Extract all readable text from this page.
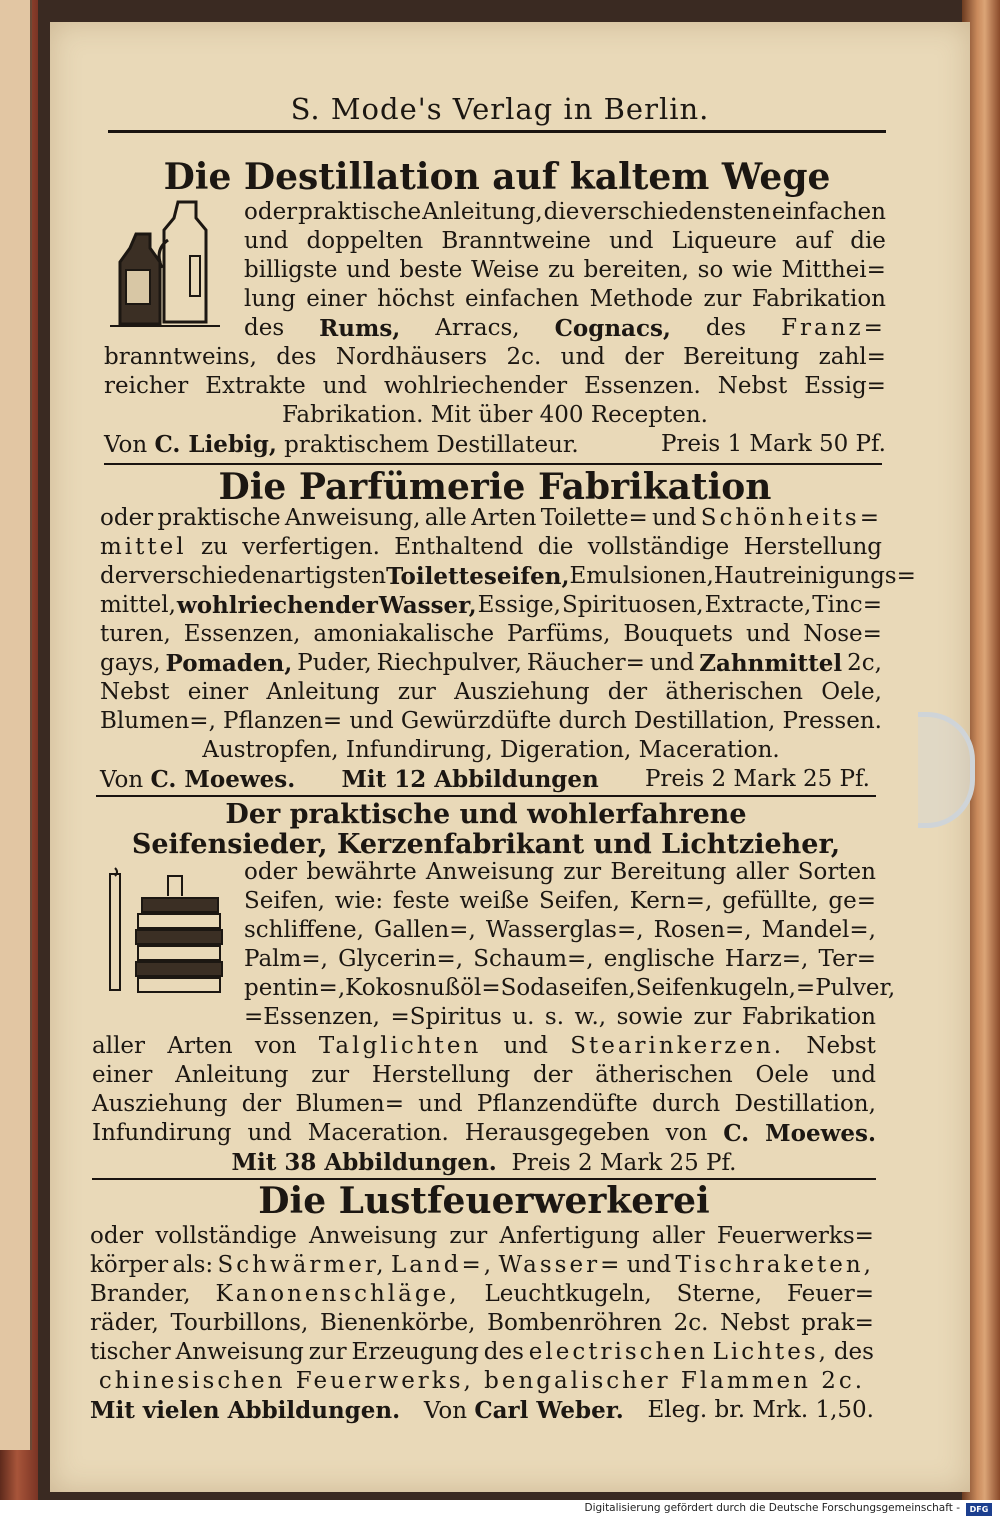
S. Mode's Verlag in Berlin.
Die Destillation auf kaltem Wege
oder praktische Anleitung, die verschiedensten einfachen
und doppelten Branntweine und Liqueure auf die
billigste und beste Weise zu bereiten, so wie Mitthei=
lung einer höchst einfachen Methode zur Fabrikation
des Rums, Arracs, Cognacs, des Franz=
branntweins, des Nordhäusers 2c. und der Bereitung zahl=
reicher Extrakte und wohlriechender Essenzen. Nebst Essig=
Fabrikation. Mit über 400 Recepten.
Von C. Liebig, praktischem Destillateur.	Preis 1 Mark 50 Pf.
Die Parfümerie Fabrikation
oder praktische Anweisung, alle Arten Toilette= und Schönheits=
mittel zu verfertigen. Enthaltend die vollständige Herstellung
der verschiedenartigsten Toiletteseifen, Emulsionen, Hautreinigungs=
mittel, wohlriechender Wasser, Essige, Spirituosen, Extracte, Tinc=
turen, Essenzen, amoniakalische Parfüms, Bouquets und Nose=
gays, Pomaden, Puder, Riechpulver, Räucher= und Zahnmittel 2c,
Nebst einer Anleitung zur Ausziehung der ätherischen Oele,
Blumen=, Pflanzen= und Gewürzdüfte durch Destillation, Pressen.
Austropfen, Infundirung, Digeration, Maceration.
Von C. Moewes. Mit 12 Abbildungen Preis 2 Mark 25 Pf.
Der praktische und wohlerfahrene
Seifensieder, Kerzenfabrikant und Lichtzieher,
oder bewährte Anweisung zur Bereitung aller Sorten
Seifen, wie: feste weiße Seifen, Kern=, gefüllte, ge=
schliffene, Gallen=, Wasserglas=, Rosen=, Mandel=,
Palm=, Glycerin=, Schaum=, englische Harz=, Ter=
pentin=, Kokosnußöl=Sodaseifen, Seifenkugeln, =Pulver,
=Essenzen, =Spiritus u. s. w., sowie zur Fabrikation
aller Arten von Talglichten und Stearinkerzen. Nebst
einer Anleitung zur Herstellung der ätherischen Oele und
Ausziehung der Blumen= und Pflanzendüfte durch Destillation,
Infundirung und Maceration. Herausgegeben von C. Moewes.
Mit 38 Abbildungen. Preis 2 Mark 25 Pf.
Die Lustfeuerwerkerei
oder vollständige Anweisung zur Anfertigung aller Feuerwerks=
körper als: Schwärmer, Land=, Wasser= und Tischraketen,
Brander, Kanonenschläge, Leuchtkugeln, Sterne, Feuer=
räder, Tourbillons, Bienenkörbe, Bombenröhren 2c. Nebst prak=
tischer Anweisung zur Erzeugung des electrischen Lichtes, des
chinesischen Feuerwerks, bengalischer Flammen 2c.
Mit vielen Abbildungen. Von Carl Weber. Eleg. br. Mrk. 1,50.
Digitalisierung gefördert durch die Deutsche Forschungsgemeinschaft -	DFG
